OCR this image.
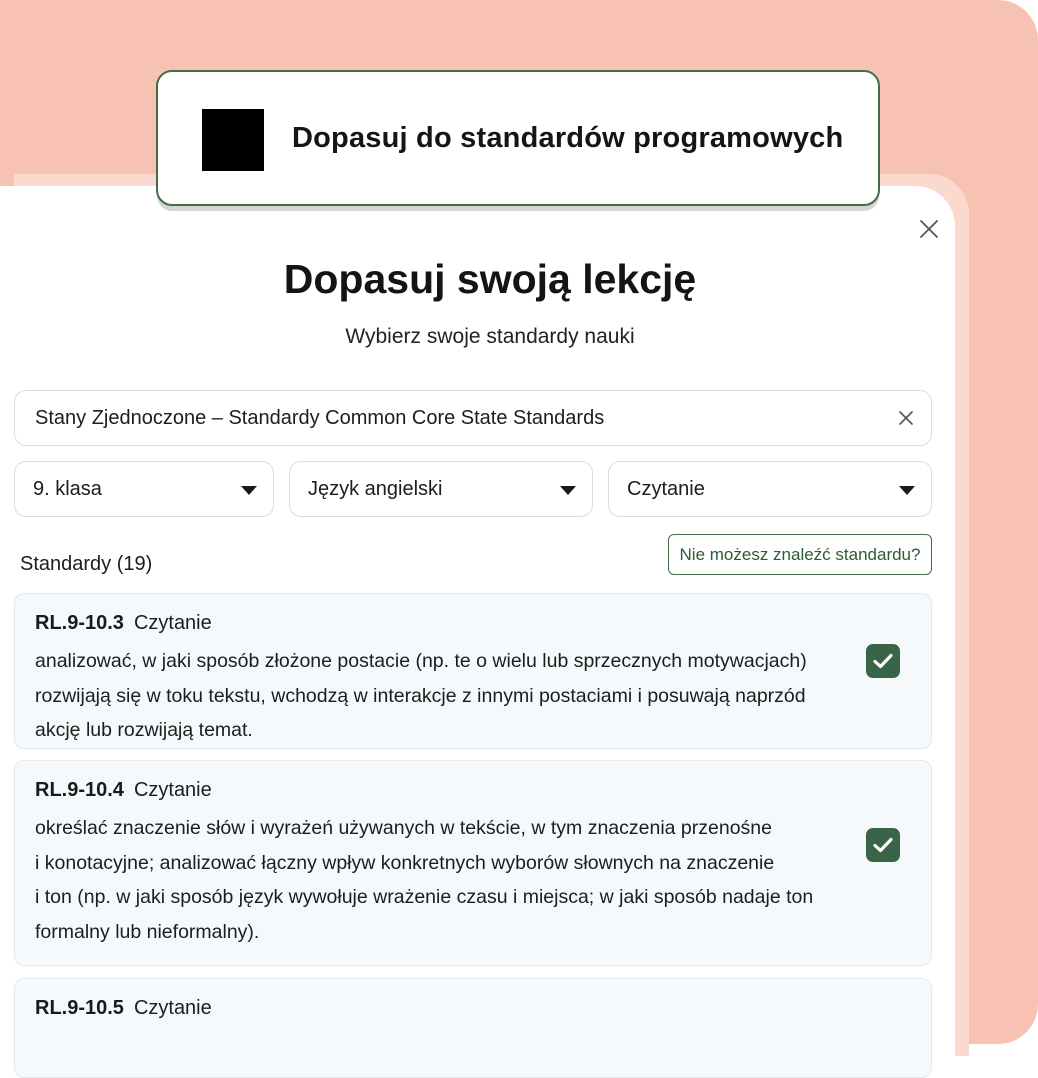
Dopasuj do standardów programowych
Dopasuj swoją lekcję
Wybierz swoje standardy nauki
Stany Zjednoczone – Standardy Common Core State Standards
9. klasa	Język angielski	Czytanie
Standardy (19)	Nie możesz znaleźć standardu?
RL.9-10.3 Czytanie
analizować, w jaki sposób złożone postacie (np. te o wielu lub sprzecznych motywacjach)
rozwijają się w toku tekstu, wchodzą w interakcje z innymi postaciami i posuwają naprzód
akcję lub rozwijają temat.
RL.9-10.4 Czytanie
określać znaczenie słów i wyrażeń używanych w tekście, w tym znaczenia przenośne
i konotacyjne; analizować łączny wpływ konkretnych wyborów słownych na znaczenie
i ton (np. w jaki sposób język wywołuje wrażenie czasu i miejsca; w jaki sposób nadaje ton
formalny lub nieformalny).
RL.9-10.5 Czytanie
